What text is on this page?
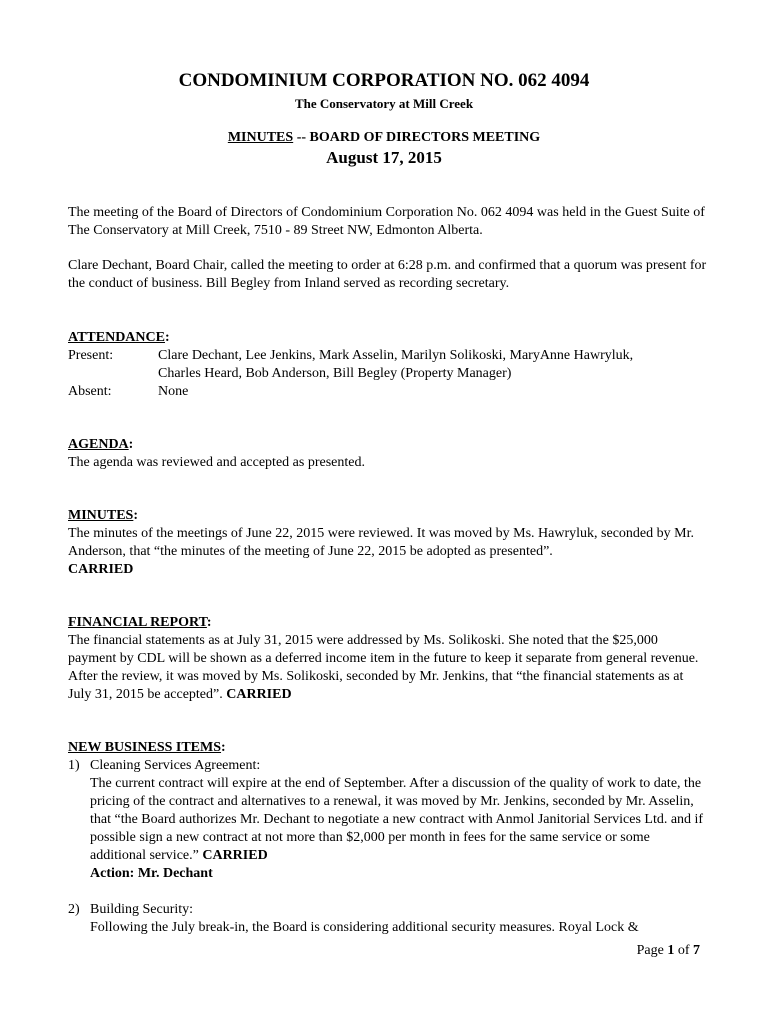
CONDOMINIUM CORPORATION NO. 062 4094
The Conservatory at Mill Creek
MINUTES -- BOARD OF DIRECTORS MEETING
August 17, 2015

The meeting of the Board of Directors of Condominium Corporation No. 062 4094 was held in the Guest Suite of The Conservatory at Mill Creek, 7510 - 89 Street NW, Edmonton Alberta.

Clare Dechant, Board Chair, called the meeting to order at 6:28 p.m. and confirmed that a quorum was present for the conduct of business. Bill Begley from Inland served as recording secretary.

ATTENDANCE:

Present:	Clare Dechant, Lee Jenkins, Mark Asselin, Marilyn Solikoski, MaryAnne Hawryluk,
Charles Heard, Bob Anderson, Bill Begley (Property Manager)
Absent:	None

AGENDA:

The agenda was reviewed and accepted as presented.

MINUTES:

The minutes of the meetings of June 22, 2015 were reviewed. It was moved by Ms. Hawryluk, seconded by Mr. Anderson, that “the minutes of the meeting of June 22, 2015 be adopted as presented”.

CARRIED

FINANCIAL REPORT:

The financial statements as at July 31, 2015 were addressed by Ms. Solikoski. She noted that the $25,000 payment by CDL will be shown as a deferred income item in the future to keep it separate from general revenue. After the review, it was moved by Ms. Solikoski, seconded by Mr. Jenkins, that “the financial statements as at July 31, 2015 be accepted”. CARRIED

NEW BUSINESS ITEMS:

1) Cleaning Services Agreement:

The current contract will expire at the end of September. After a discussion of the quality of work to date, the pricing of the contract and alternatives to a renewal, it was moved by Mr. Jenkins, seconded by Mr. Asselin, that “the Board authorizes Mr. Dechant to negotiate a new contract with Anmol Janitorial Services Ltd. and if possible sign a new contract at not more than $2,000 per month in fees for the same service or some additional service.” CARRIED

Action: Mr. Dechant

2) Building Security:

Following the July break-in, the Board is considering additional security measures. Royal Lock &

Page 1 of 7
